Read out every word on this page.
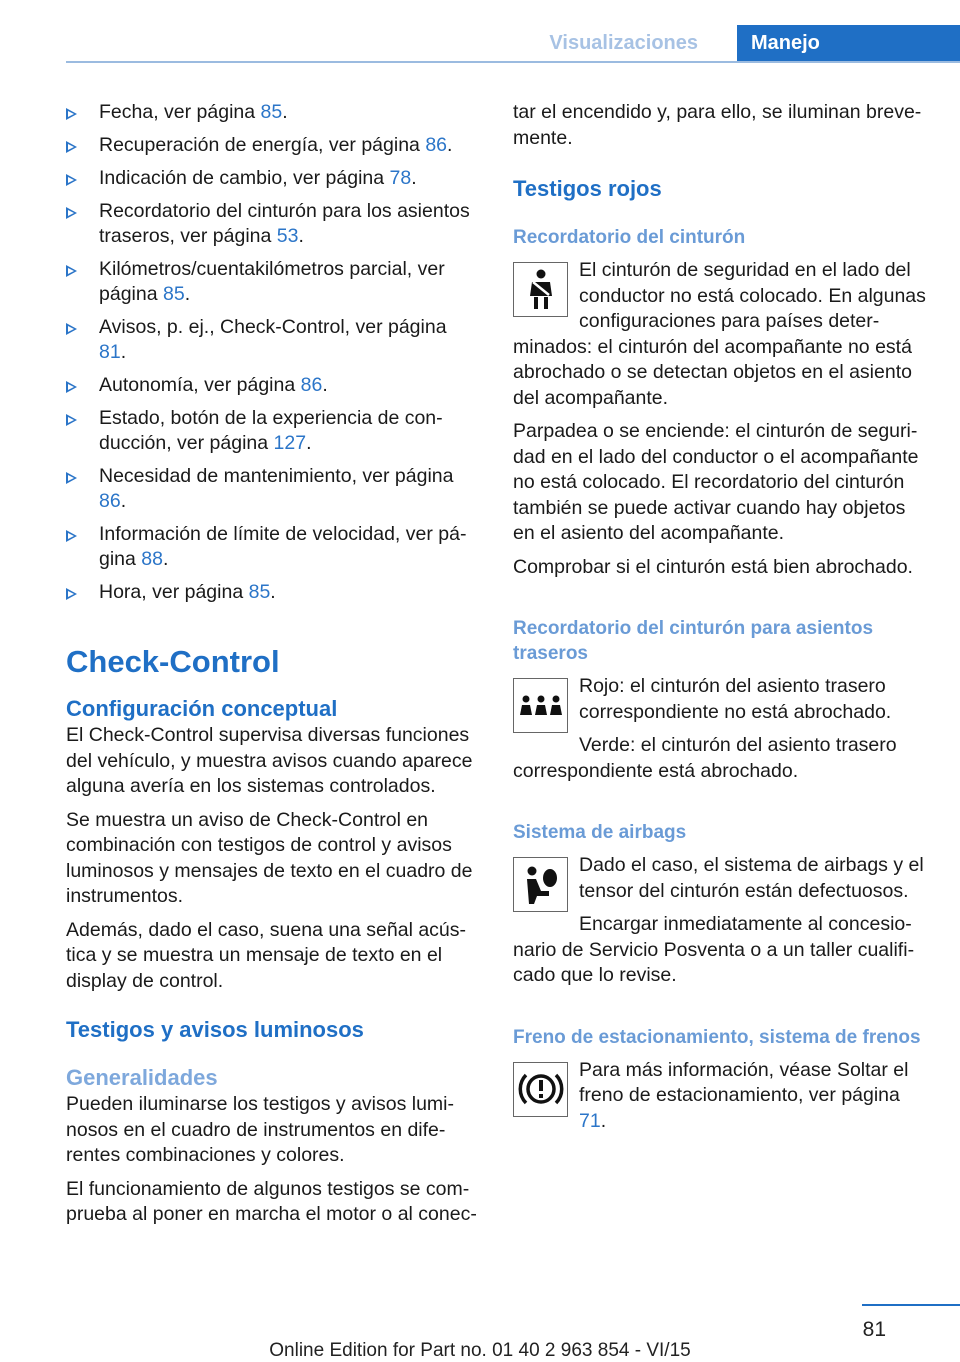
Visualizaciones	Manejo
Fecha, ver página 85.
Recuperación de energía, ver página 86.
Indicación de cambio, ver página 78.
Recordatorio del cinturón para los asientos traseros, ver página 53.
Kilómetros/cuentakilómetros parcial, ver página 85.
Avisos, p. ej., Check-Control, ver página 81.
Autonomía, ver página 86.
Estado, botón de la experiencia de conducción, ver página 127.
Necesidad de mantenimiento, ver página 86.
Información de límite de velocidad, ver página 88.
Hora, ver página 85.
Check-Control
Configuración conceptual
El Check-Control supervisa diversas funciones del vehículo, y muestra avisos cuando aparece alguna avería en los sistemas controlados.
Se muestra un aviso de Check-Control en combinación con testigos de control y avisos luminosos y mensajes de texto en el cuadro de instrumentos.
Además, dado el caso, suena una señal acústica y se muestra un mensaje de texto en el display de control.
Testigos y avisos luminosos
Generalidades
Pueden iluminarse los testigos y avisos luminosos en el cuadro de instrumentos en diferentes combinaciones y colores.
El funcionamiento de algunos testigos se comprueba al poner en marcha el motor o al conec-
tar el encendido y, para ello, se iluminan brevemente.
Testigos rojos
Recordatorio del cinturón
El cinturón de seguridad en el lado del conductor no está colocado. En algunas configuraciones para países determinados: el cinturón del acompañante no está abrochado o se detectan objetos en el asiento del acompañante.
Parpadea o se enciende: el cinturón de seguridad en el lado del conductor o el acompañante no está colocado. El recordatorio del cinturón también se puede activar cuando hay objetos en el asiento del acompañante.
Comprobar si el cinturón está bien abrochado.
Recordatorio del cinturón para asientos traseros
Rojo: el cinturón del asiento trasero correspondiente no está abrochado.
Verde: el cinturón del asiento trasero correspondiente está abrochado.
Sistema de airbags
Dado el caso, el sistema de airbags y el tensor del cinturón están defectuosos.
Encargar inmediatamente al concesionario de Servicio Posventa o a un taller cualificado que lo revise.
Freno de estacionamiento, sistema de frenos
Para más información, véase Soltar el freno de estacionamiento, ver página 71.
81
Online Edition for Part no. 01 40 2 963 854 - VI/15
